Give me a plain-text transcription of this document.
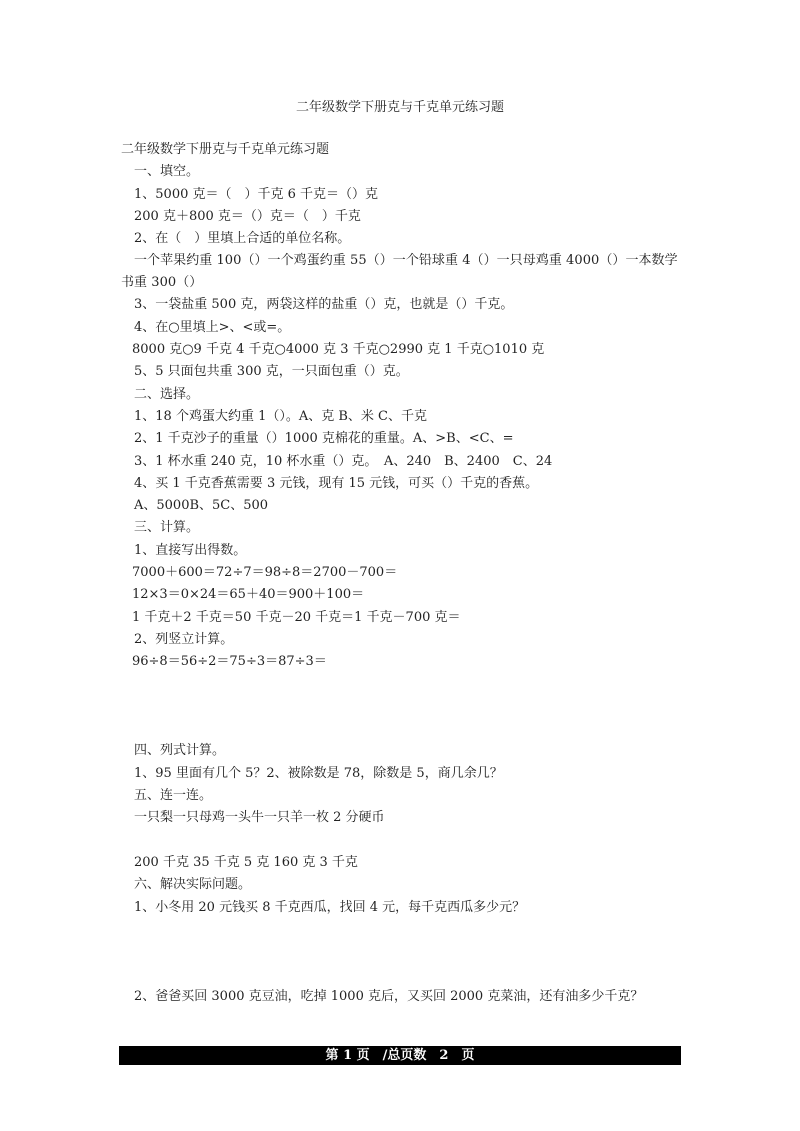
二年级数学下册克与千克单元练习题
二年级数学下册克与千克单元练习题
一、填空。
1、5000 克＝（　）千克 6 千克＝（）克
200 克＋800 克＝（）克＝（　）千克
2、在（　）里填上合适的单位名称。
一个苹果约重 100（）一个鸡蛋约重 55（）一个铅球重 4（）一只母鸡重 4000（）一本数学书重 300（）
3、一袋盐重 500 克，两袋这样的盐重（）克，也就是（）千克。
4、在○里填上>、<或=。
8000 克○9 千克 4 千克○4000 克 3 千克○2990 克 1 千克○1010 克
5、5 只面包共重 300 克，一只面包重（）克。
二、选择。
1、18 个鸡蛋大约重 1（）。A、克 B、米 C、千克
2、1 千克沙子的重量（）1000 克棉花的重量。A、>B、<C、=
3、1 杯水重 240 克，10 杯水重（）克。　A、240　B、2400　C、24
4、买 1 千克香蕉需要 3 元钱，现有 15 元钱，可买（）千克的香蕉。
A、5000B、5C、500
三、计算。
1、直接写出得数。
7000＋600＝72÷7＝98÷8＝2700－700＝
12×3＝0×24＝65＋40＝900＋100＝
1 千克＋2 千克＝50 千克－20 千克＝1 千克－700 克＝
2、列竖立计算。
96÷8＝56÷2＝75÷3＝87÷3＝
四、列式计算。
1、95 里面有几个 5？2、被除数是 78，除数是 5，商几余几？
五、连一连。
一只梨一只母鸡一头牛一只羊一枚 2 分硬币
200 千克 35 千克 5 克 160 克 3 千克
六、解决实际问题。
1、小冬用 20 元钱买 8 千克西瓜，找回 4 元，每千克西瓜多少元？
2、爸爸买回 3000 克豆油，吃掉 1000 克后，又买回 2000 克菜油，还有油多少千克？
第 1 页　/总页数　2　页
